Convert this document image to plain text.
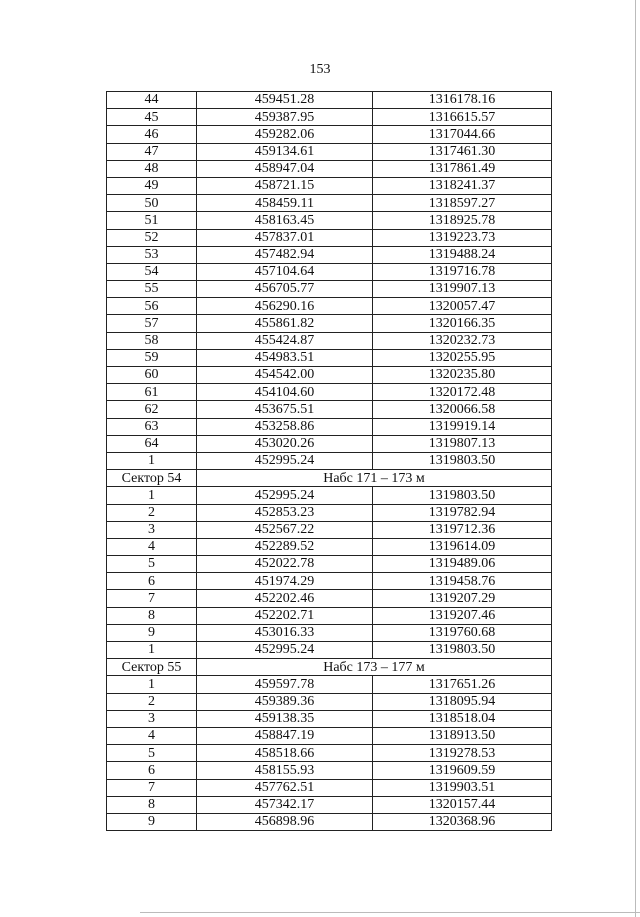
153
44	459451.28	1316178.16
45	459387.95	1316615.57
46	459282.06	1317044.66
47	459134.61	1317461.30
48	458947.04	1317861.49
49	458721.15	1318241.37
50	458459.11	1318597.27
51	458163.45	1318925.78
52	457837.01	1319223.73
53	457482.94	1319488.24
54	457104.64	1319716.78
55	456705.77	1319907.13
56	456290.16	1320057.47
57	455861.82	1320166.35
58	455424.87	1320232.73
59	454983.51	1320255.95
60	454542.00	1320235.80
61	454104.60	1320172.48
62	453675.51	1320066.58
63	453258.86	1319919.14
64	453020.26	1319807.13
1	452995.24	1319803.50
Сектор 54	Набс 171 – 173 м	
1	452995.24	1319803.50
2	452853.23	1319782.94
3	452567.22	1319712.36
4	452289.52	1319614.09
5	452022.78	1319489.06
6	451974.29	1319458.76
7	452202.46	1319207.29
8	452202.71	1319207.46
9	453016.33	1319760.68
1	452995.24	1319803.50
Сектор 55	Набс 173 – 177 м	
1	459597.78	1317651.26
2	459389.36	1318095.94
3	459138.35	1318518.04
4	458847.19	1318913.50
5	458518.66	1319278.53
6	458155.93	1319609.59
7	457762.51	1319903.51
8	457342.17	1320157.44
9	456898.96	1320368.96
